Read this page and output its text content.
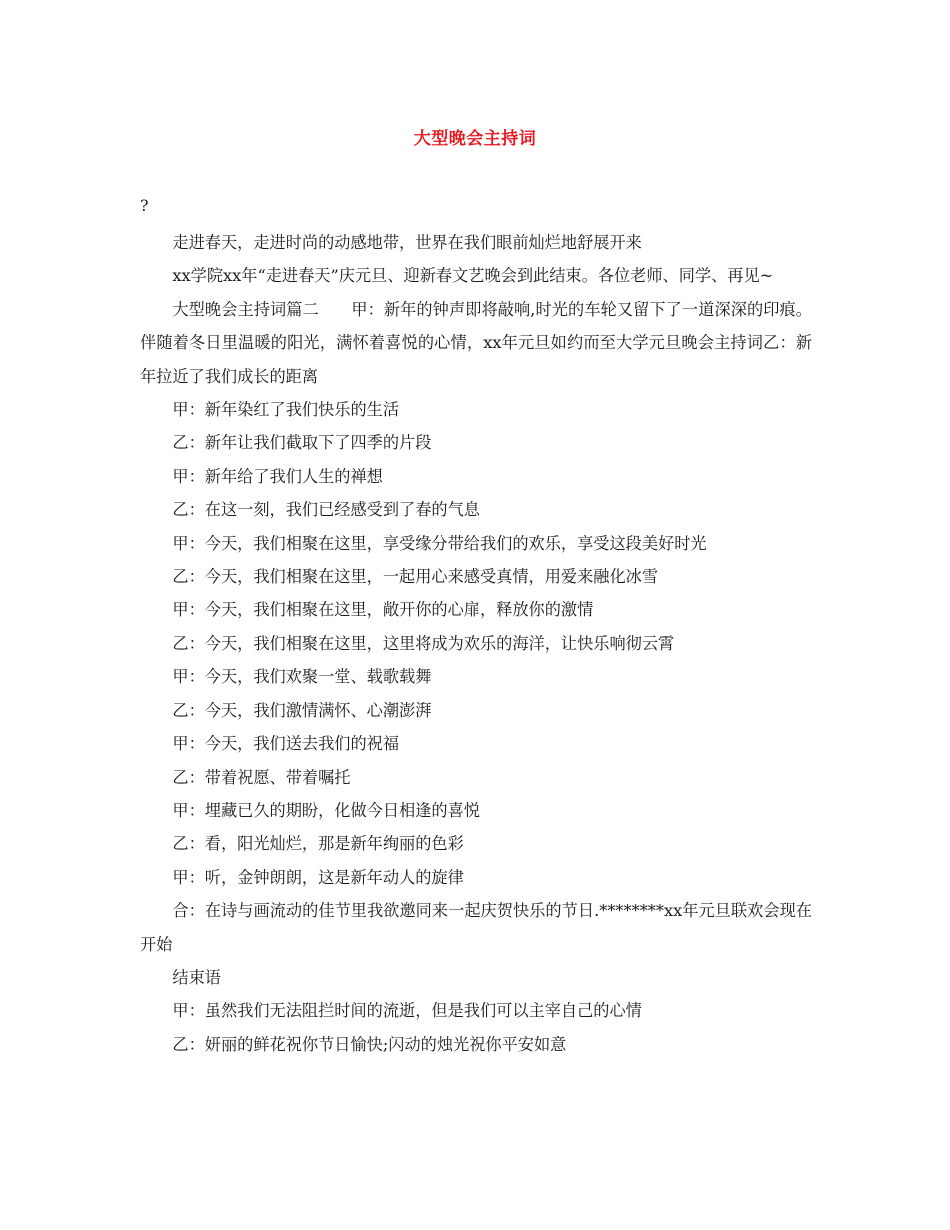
大型晚会主持词
?

走进春天，走进时尚的动感地带，世界在我们眼前灿烂地舒展开来

xx学院xx年“走进春天”庆元旦、迎新春文艺晚会到此结束。各位老师、同学、再见~

大型晚会主持词篇二　　甲：新年的钟声即将敲响,时光的车轮又留下了一道深深的印痕。伴随着冬日里温暖的阳光，满怀着喜悦的心情，xx年元旦如约而至大学元旦晚会主持词乙：新年拉近了我们成长的距离

甲：新年染红了我们快乐的生活

乙：新年让我们截取下了四季的片段

甲：新年给了我们人生的禅想

乙：在这一刻，我们已经感受到了春的气息

甲：今天，我们相聚在这里，享受缘分带给我们的欢乐，享受这段美好时光

乙：今天，我们相聚在这里，一起用心来感受真情，用爱来融化冰雪

甲：今天，我们相聚在这里，敞开你的心扉，释放你的激情

乙：今天，我们相聚在这里，这里将成为欢乐的海洋，让快乐响彻云霄

甲：今天，我们欢聚一堂、载歌载舞

乙：今天，我们激情满怀、心潮澎湃

甲：今天，我们送去我们的祝福

乙：带着祝愿、带着嘱托

甲：埋藏已久的期盼，化做今日相逢的喜悦

乙：看，阳光灿烂，那是新年绚丽的色彩

甲：听，金钟朗朗，这是新年动人的旋律

合：在诗与画流动的佳节里我欲邀同来一起庆贺快乐的节日.********xx年元旦联欢会现在开始

结束语

甲：虽然我们无法阻拦时间的流逝，但是我们可以主宰自己的心情

乙：妍丽的鲜花祝你节日愉快;闪动的烛光祝你平安如意
